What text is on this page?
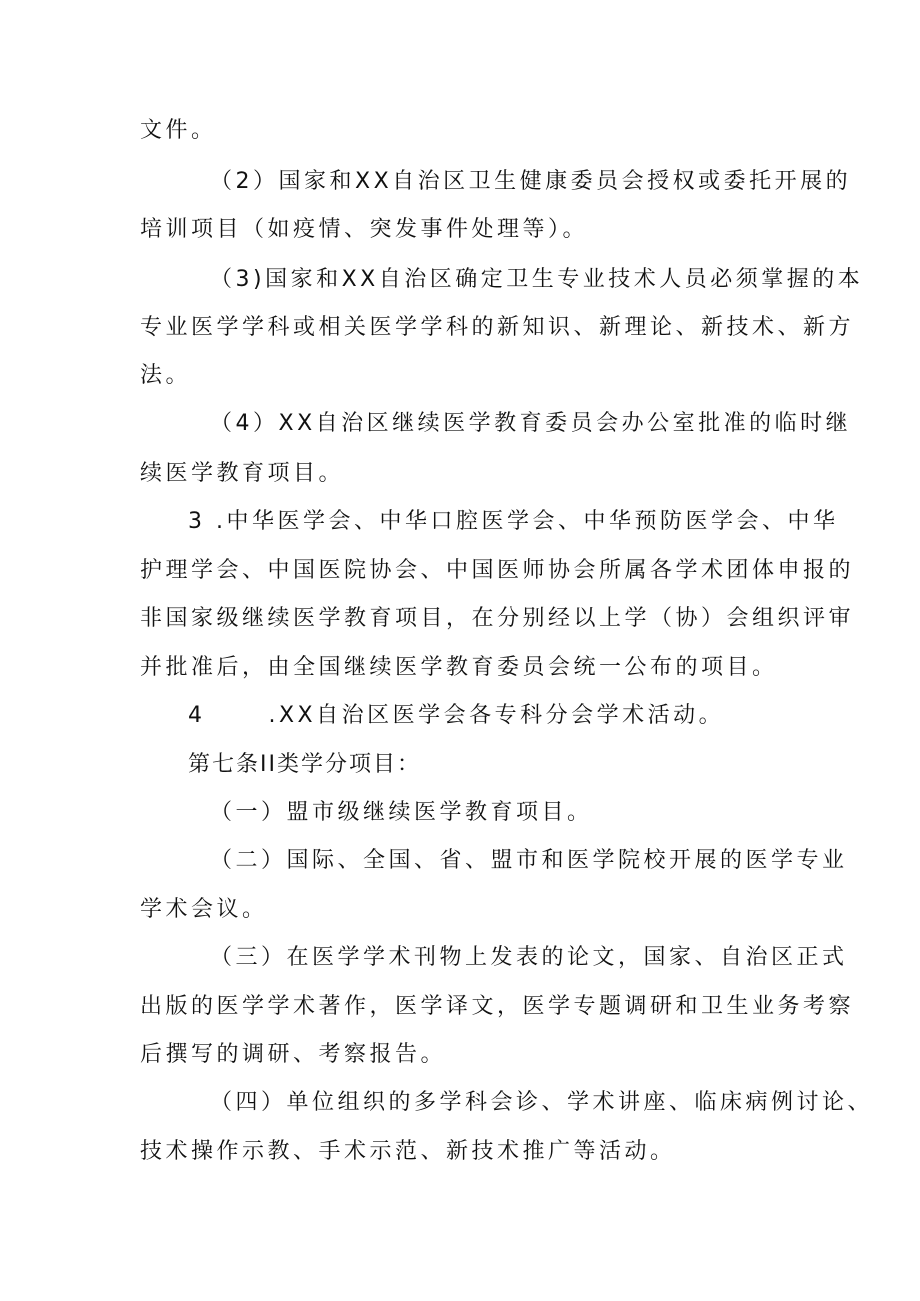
文件。
（2）国家和XX自治区卫生健康委员会授权或委托开展的
培训项目（如疫情、突发事件处理等）。
（3)国家和XX自治区确定卫生专业技术人员必须掌握的本
专业医学学科或相关医学学科的新知识、新理论、新技术、新方
法。
（4）XX自治区继续医学教育委员会办公室批准的临时继
续医学教育项目。
3 .中华医学会、中华口腔医学会、中华预防医学会、中华
护理学会、中国医院协会、中国医师协会所属各学术团体申报的
非国家级继续医学教育项目，在分别经以上学（协）会组织评审
并批准后，由全国继续医学教育委员会统一公布的项目。
4      .XX自治区医学会各专科分会学术活动。
第七条II类学分项目：
（一）盟市级继续医学教育项目。
（二）国际、全国、省、盟市和医学院校开展的医学专业
学术会议。
（三）在医学学术刊物上发表的论文，国家、自治区正式
出版的医学学术著作，医学译文，医学专题调研和卫生业务考察
后撰写的调研、考察报告。
（四）单位组织的多学科会诊、学术讲座、临床病例讨论、
技术操作示教、手术示范、新技术推广等活动。
